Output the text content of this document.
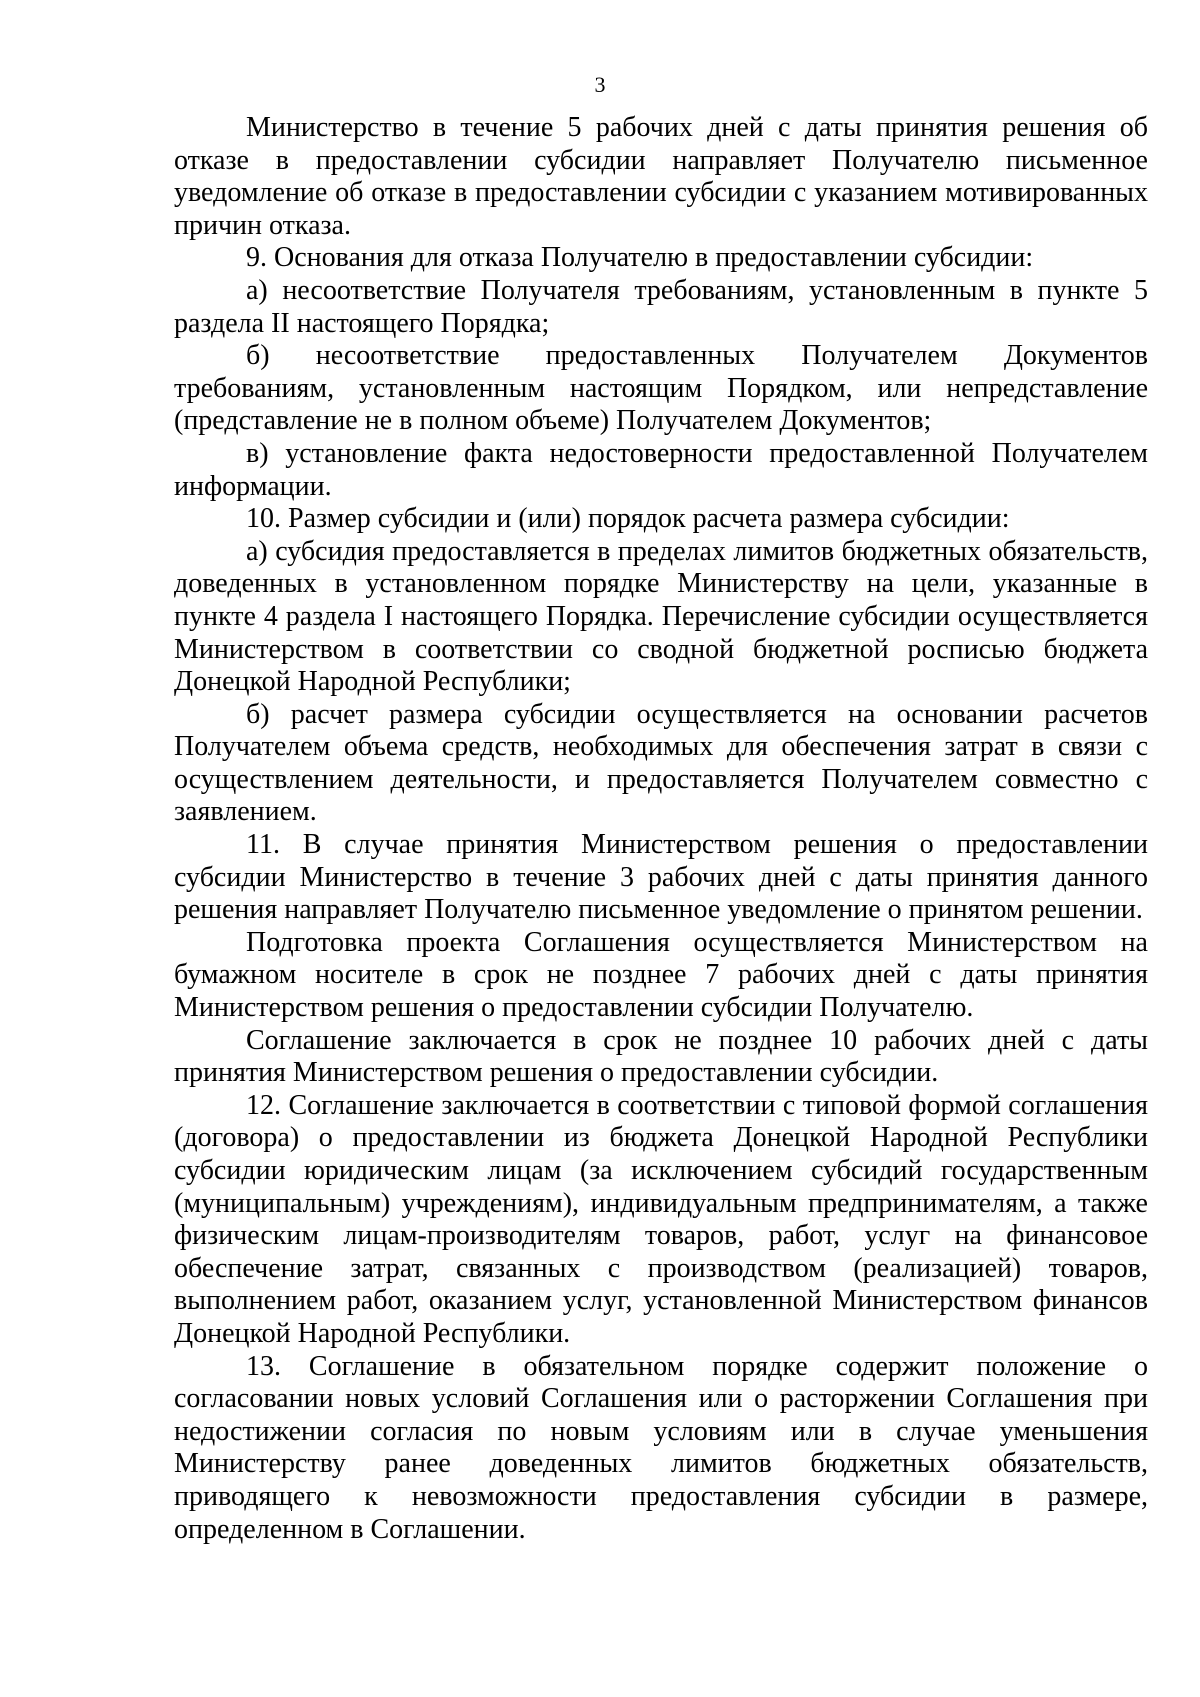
3

Министерство в течение 5 рабочих дней с даты принятия решения об отказе в предоставлении субсидии направляет Получателю письменное уведомление об отказе в предоставлении субсидии с указанием мотивированных причин отказа.

9. Основания для отказа Получателю в предоставлении субсидии:

а) несоответствие Получателя требованиям, установленным в пункте 5 раздела II настоящего Порядка;

б) несоответствие предоставленных Получателем Документов требованиям, установленным настоящим Порядком, или непредставление (представление не в полном объеме) Получателем Документов;

в) установление факта недостоверности предоставленной Получателем информации.

10. Размер субсидии и (или) порядок расчета размера субсидии:

а) субсидия предоставляется в пределах лимитов бюджетных обязательств, доведенных в установленном порядке Министерству на цели, указанные в пункте 4 раздела I настоящего Порядка. Перечисление субсидии осуществляется Министерством в соответствии со сводной бюджетной росписью бюджета Донецкой Народной Республики;

б) расчет размера субсидии осуществляется на основании расчетов Получателем объема средств, необходимых для обеспечения затрат в связи с осуществлением деятельности, и предоставляется Получателем совместно с заявлением.

11. В случае принятия Министерством решения о предоставлении субсидии Министерство в течение 3 рабочих дней с даты принятия данного решения направляет Получателю письменное уведомление о принятом решении.

Подготовка проекта Соглашения осуществляется Министерством на бумажном носителе в срок не позднее 7 рабочих дней с даты принятия Министерством решения о предоставлении субсидии Получателю.

Соглашение заключается в срок не позднее 10 рабочих дней с даты принятия Министерством решения о предоставлении субсидии.

12. Соглашение заключается в соответствии с типовой формой соглашения (договора) о предоставлении из бюджета Донецкой Народной Республики субсидии юридическим лицам (за исключением субсидий государственным (муниципальным) учреждениям), индивидуальным предпринимателям, а также физическим лицам-производителям товаров, работ, услуг на финансовое обеспечение затрат, связанных с производством (реализацией) товаров, выполнением работ, оказанием услуг, установленной Министерством финансов Донецкой Народной Республики.

13. Соглашение в обязательном порядке содержит положение о согласовании новых условий Соглашения или о расторжении Соглашения при недостижении согласия по новым условиям или в случае уменьшения Министерству ранее доведенных лимитов бюджетных обязательств, приводящего к невозможности предоставления субсидии в размере, определенном в Соглашении.
